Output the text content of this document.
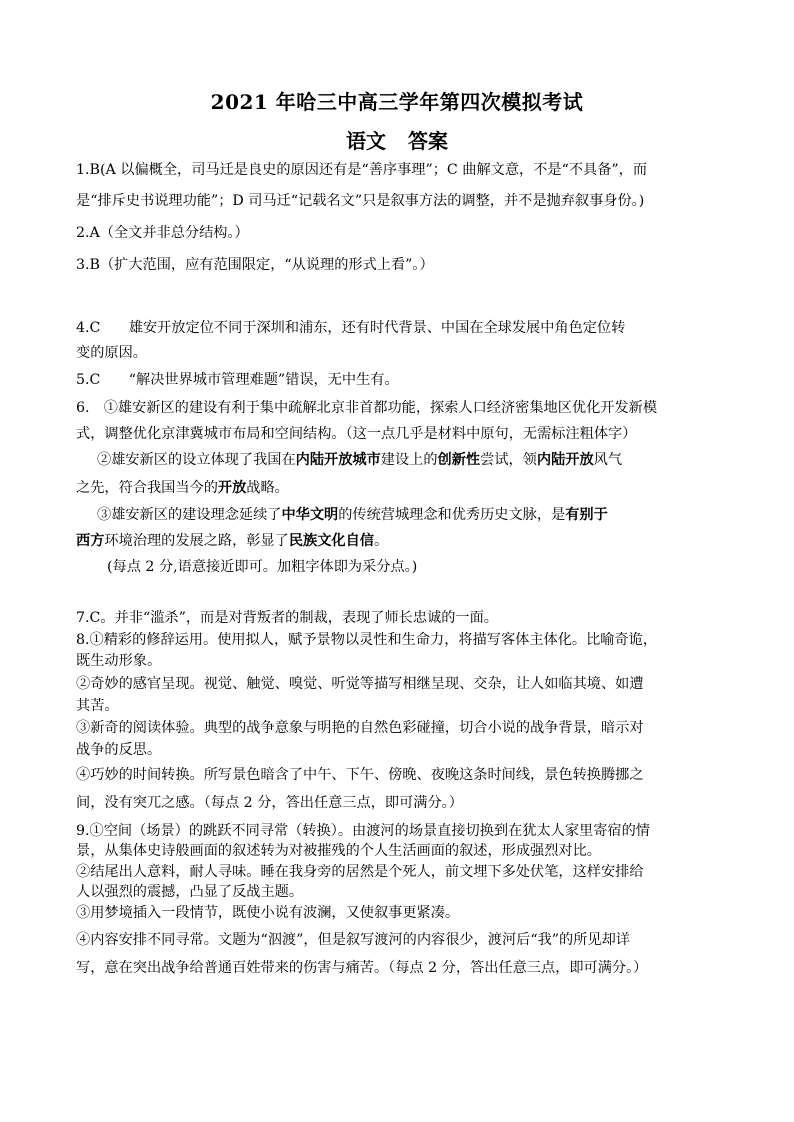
2021 年哈三中高三学年第四次模拟考试
语文 答案
1.B(A 以偏概全，司马迁是良史的原因还有是“善序事理”；C 曲解文意，不是“不具备”，而
是“排斥史书说理功能”；D 司马迁“记载名文”只是叙事方法的调整，并不是抛弃叙事身份。)
2.A（全文并非总分结构。）
3.B（扩大范围，应有范围限定，“从说理的形式上看”。）
4.C　　雄安开放定位不同于深圳和浦东，还有时代背景、中国在全球发展中角色定位转
变的原因。
5.C　　“解决世界城市管理难题”错误，无中生有。
6.　①雄安新区的建设有利于集中疏解北京非首都功能，探索人口经济密集地区优化开发新模
式，调整优化京津冀城市布局和空间结构。（这一点几乎是材料中原句，无需标注粗体字）
②雄安新区的设立体现了我国在内陆开放城市建设上的创新性尝试，领内陆开放风气
之先，符合我国当今的开放战略。
③雄安新区的建设理念延续了中华文明的传统营城理念和优秀历史文脉，是有别于
西方环境治理的发展之路，彰显了民族文化自信。
(每点 2 分,语意接近即可。加粗字体即为采分点。)
7.C。并非“滥杀”，而是对背叛者的制裁，表现了师长忠诚的一面。
8.①精彩的修辞运用。使用拟人，赋予景物以灵性和生命力，将描写客体主体化。比喻奇诡，
既生动形象。
②奇妙的感官呈现。视觉、触觉、嗅觉、听觉等描写相继呈现、交杂，让人如临其境、如遭
其苦。
③新奇的阅读体验。典型的战争意象与明艳的自然色彩碰撞，切合小说的战争背景，暗示对
战争的反思。
④巧妙的时间转换。所写景色暗含了中午、下午、傍晚、夜晚这条时间线，景色转换腾挪之
间，没有突兀之感。（每点 2 分，答出任意三点，即可满分。）
9.①空间（场景）的跳跃不同寻常（转换）。由渡河的场景直接切换到在犹太人家里寄宿的情
景，从集体史诗般画面的叙述转为对被摧残的个人生活画面的叙述，形成强烈对比。
②结尾出人意料，耐人寻味。睡在我身旁的居然是个死人，前文埋下多处伏笔，这样安排给
人以强烈的震撼，凸显了反战主题。
③用梦境插入一段情节，既使小说有波澜，又使叙事更紧凑。
④内容安排不同寻常。文题为“泅渡”，但是叙写渡河的内容很少，渡河后“我”的所见却详
写，意在突出战争给普通百姓带来的伤害与痛苦。（每点 2 分，答出任意三点，即可满分。）
